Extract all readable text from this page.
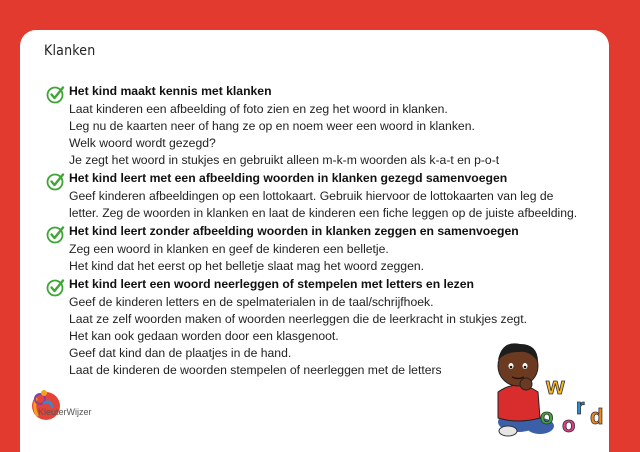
Klanken
Het kind maakt kennis met klanken
Laat kinderen een afbeelding of foto zien en zeg het woord in klanken.
Leg nu de kaarten neer of hang ze op en noem weer een woord in klanken.
Welk woord wordt gezegd?
Je zegt het woord in stukjes en gebruikt alleen m-k-m woorden als k-a-t en p-o-t
Het kind leert met een afbeelding woorden in klanken gezegd samenvoegen
Geef kinderen afbeeldingen op een lottokaart. Gebruik hiervoor de lottokaarten van leg de
letter. Zeg de woorden in klanken en laat de kinderen een fiche leggen op de juiste afbeelding.
Het kind leert zonder afbeelding woorden in klanken zeggen en samenvoegen
Zeg een woord in klanken en geef de kinderen een belletje.
Het kind dat het eerst op het belletje slaat mag het woord zeggen.
Het kind leert een woord neerleggen of stempelen met letters en lezen
Geef de kinderen letters en de spelmaterialen in de taal/schrijfhoek.
Laat ze zelf woorden maken of woorden neerleggen die de leerkracht in stukjes zegt.
Het kan ook gedaan worden door een klasgenoot.
Geef dat kind dan de plaatjes in de hand.
Laat de kinderen de woorden stempelen of neerleggen met de letters
KleuterWijzer
w
o o
r d
